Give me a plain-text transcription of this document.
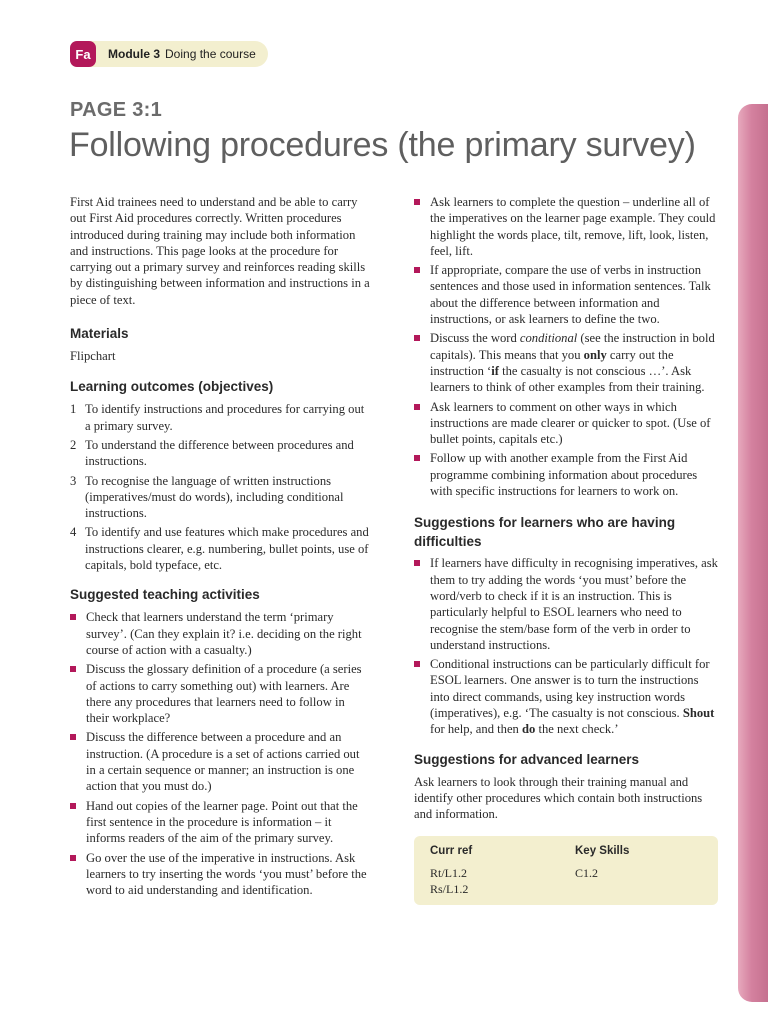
Fa	Module 3 Doing the course
PAGE 3:1
Following procedures (the primary survey)

First Aid trainees need to understand and be able to carry out First Aid procedures correctly. Written procedures introduced during training may include both information and instructions. This page looks at the procedure for carrying out a primary survey and reinforces reading skills by distinguishing between information and instructions in a piece of text.

Materials

Flipchart

Learning outcomes (objectives)
1 To identify instructions and procedures for carrying out a primary survey.
2 To understand the difference between procedures and instructions.
3 To recognise the language of written instructions (imperatives/must do words), including conditional instructions.
4 To identify and use features which make procedures and instructions clearer, e.g. numbering, bullet points, use of capitals, bold typeface, etc.
Suggested teaching activities
Check that learners understand the term ‘primary survey’. (Can they explain it? i.e. deciding on the right course of action with a casualty.)
Discuss the glossary definition of a procedure (a series of actions to carry something out) with learners. Are there any procedures that learners need to follow in their workplace?
Discuss the difference between a procedure and an instruction. (A procedure is a set of actions carried out in a certain sequence or manner; an instruction is one action that you must do.)
Hand out copies of the learner page. Point out that the first sentence in the procedure is information – it informs readers of the aim of the primary survey.
Go over the use of the imperative in instructions. Ask learners to try inserting the words ‘you must’ before the word to aid understanding and identification.
Ask learners to complete the question – underline all of the imperatives on the learner page example. They could highlight the words place, tilt, remove, lift, look, listen, feel, lift.
If appropriate, compare the use of verbs in instruction sentences and those used in information sentences. Talk about the difference between information and instructions, or ask learners to define the two.
Discuss the word conditional (see the instruction in bold capitals). This means that you only carry out the instruction ‘if the casualty is not conscious …’. Ask learners to think of other examples from their training.
Ask learners to comment on other ways in which instructions are made clearer or quicker to spot. (Use of bullet points, capitals etc.)
Follow up with another example from the First Aid programme combining information about procedures with specific instructions for learners to work on.
Suggestions for learners who are having difficulties
If learners have difficulty in recognising imperatives, ask them to try adding the words ‘you must’ before the word/verb to check if it is an instruction. This is particularly helpful to ESOL learners who need to recognise the stem/base form of the verb in order to understand instructions.
Conditional instructions can be particularly difficult for ESOL learners. One answer is to turn the instructions into direct commands, using key instruction words (imperatives), e.g. ‘The casualty is not conscious. Shout for help, and then do the next check.’
Suggestions for advanced learners

Ask learners to look through their training manual and identify other procedures which contain both instructions and information.

Curr ref	Key Skills
Rt/L1.2	C1.2
Rs/L1.2
